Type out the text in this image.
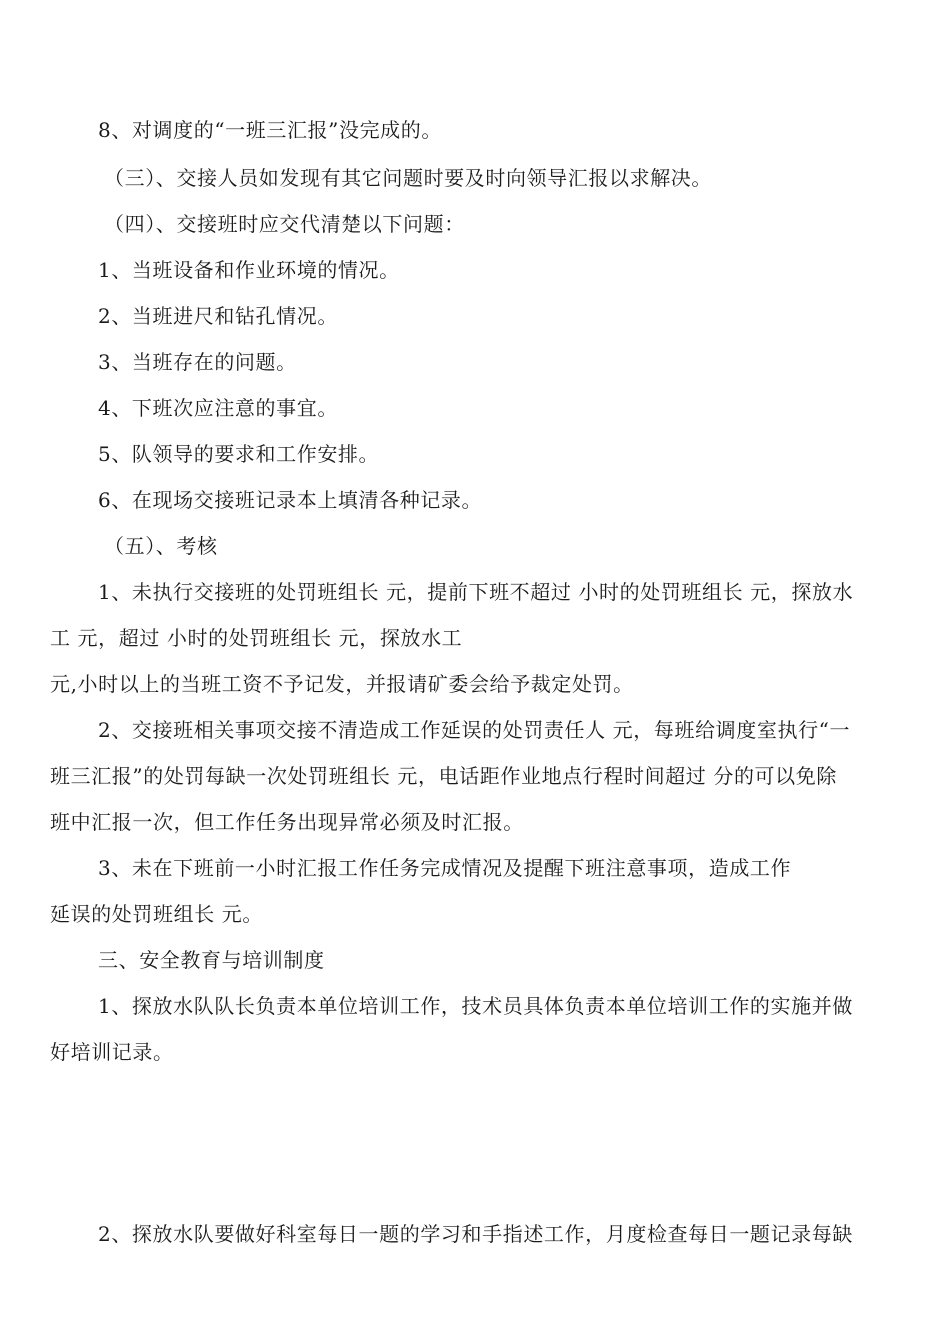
8、对调度的“一班三汇报”没完成的。
（三）、交接人员如发现有其它问题时要及时向领导汇报以求解决。
（四）、交接班时应交代清楚以下问题：
1、当班设备和作业环境的情况。
2、当班进尺和钻孔情况。
3、当班存在的问题。
4、下班次应注意的事宜。
5、队领导的要求和工作安排。
6、在现场交接班记录本上填清各种记录。
（五）、考核
1、未执行交接班的处罚班组长 元，提前下班不超过 小时的处罚班组长 元，探放水
工 元，超过 小时的处罚班组长 元，探放水工
元,小时以上的当班工资不予记发，并报请矿委会给予裁定处罚。
2、交接班相关事项交接不清造成工作延误的处罚责任人 元，每班给调度室执行“一
班三汇报”的处罚每缺一次处罚班组长 元，电话距作业地点行程时间超过 分的可以免除
班中汇报一次，但工作任务出现异常必须及时汇报。
3、未在下班前一小时汇报工作任务完成情况及提醒下班注意事项，造成工作
延误的处罚班组长 元。
三、安全教育与培训制度
1、探放水队队长负责本单位培训工作，技术员具体负责本单位培训工作的实施并做
好培训记录。
2、探放水队要做好科室每日一题的学习和手指述工作，月度检查每日一题记录每缺
